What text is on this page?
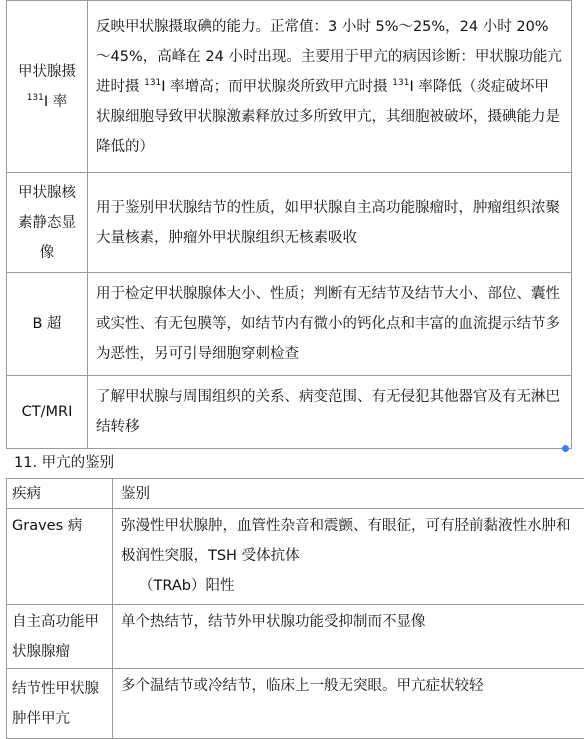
甲状腺摄
$^{131}$I 率	反映甲状腺摄取碘的能力。正常值：3 小时 5%～25%，24 小时 20%～45%，高峰在 24 小时出现。主要用于甲亢的病因诊断：甲状腺功能亢进时摄 $^{131}$I 率增高；而甲状腺炎所致甲亢时摄 $^{131}$I 率降低（炎症破坏甲状腺细胞导致甲状腺激素释放过多所致甲亢，其细胞被破坏，摄碘能力是降低的）
甲状腺核素静态显像	用于鉴别甲状腺结节的性质，如甲状腺自主高功能腺瘤时，肿瘤组织浓聚大量核素，肿瘤外甲状腺组织无核素吸收
B 超	用于检定甲状腺腺体大小、性质；判断有无结节及结节大小、部位、囊性或实性、有无包膜等，如结节内有微小的钙化点和丰富的血流提示结节多为恶性，另可引导细胞穿刺检查
CT/MRI	了解甲状腺与周围组织的关系、病变范围、有无侵犯其他器官及有无淋巴结转移
11. 甲亢的鉴别
疾病	鉴别
Graves 病	弥漫性甲状腺肿，血管性杂音和震颤、有眼征，可有胫前黏液性水肿和极润性突服，TSH 受体抗体
（TRAb）阳性

自主高功能甲状腺腺瘤	单个热结节，结节外甲状腺功能受抑制而不显像
结节性甲状腺肿伴甲亢	多个温结节或冷结节，临床上一般无突眼。甲亢症状较轻
